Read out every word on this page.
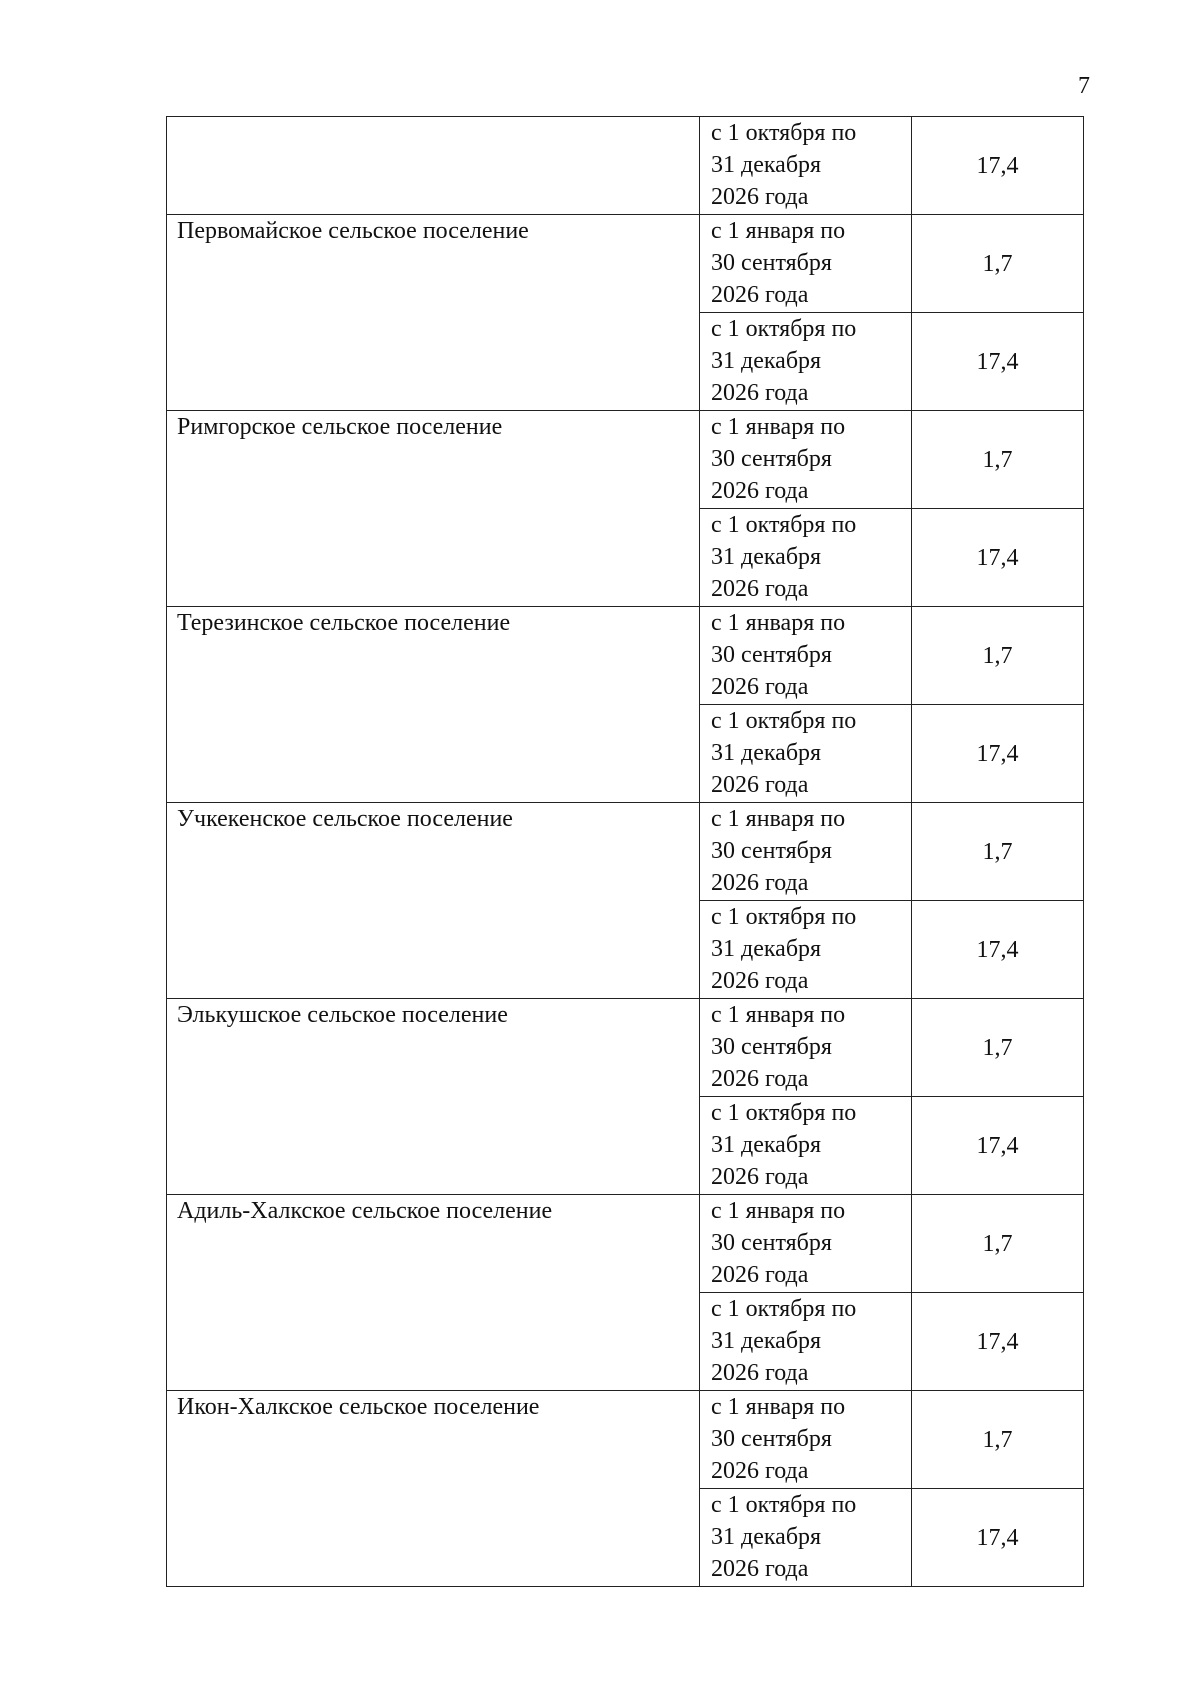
7

	с 1 октября по
31 декабря
2026 года	17,4

Первомайское сельское поселение	с 1 января по
30 сентября
2026 года	1,7

	с 1 октября по
31 декабря
2026 года	17,4

Римгорское сельское поселение	с 1 января по
30 сентября
2026 года	1,7

	с 1 октября по
31 декабря
2026 года	17,4

Терезинское сельское поселение	с 1 января по
30 сентября
2026 года	1,7

	с 1 октября по
31 декабря
2026 года	17,4

Учкекенское сельское поселение	с 1 января по
30 сентября
2026 года	1,7

	с 1 октября по
31 декабря
2026 года	17,4

Элькушское сельское поселение	с 1 января по
30 сентября
2026 года	1,7

	с 1 октября по
31 декабря
2026 года	17,4

Адиль-Халкское сельское поселение	с 1 января по
30 сентября
2026 года	1,7

	с 1 октября по
31 декабря
2026 года	17,4

Икон-Халкское сельское поселение	с 1 января по
30 сентября
2026 года	1,7

	с 1 октября по
31 декабря
2026 года	17,4
